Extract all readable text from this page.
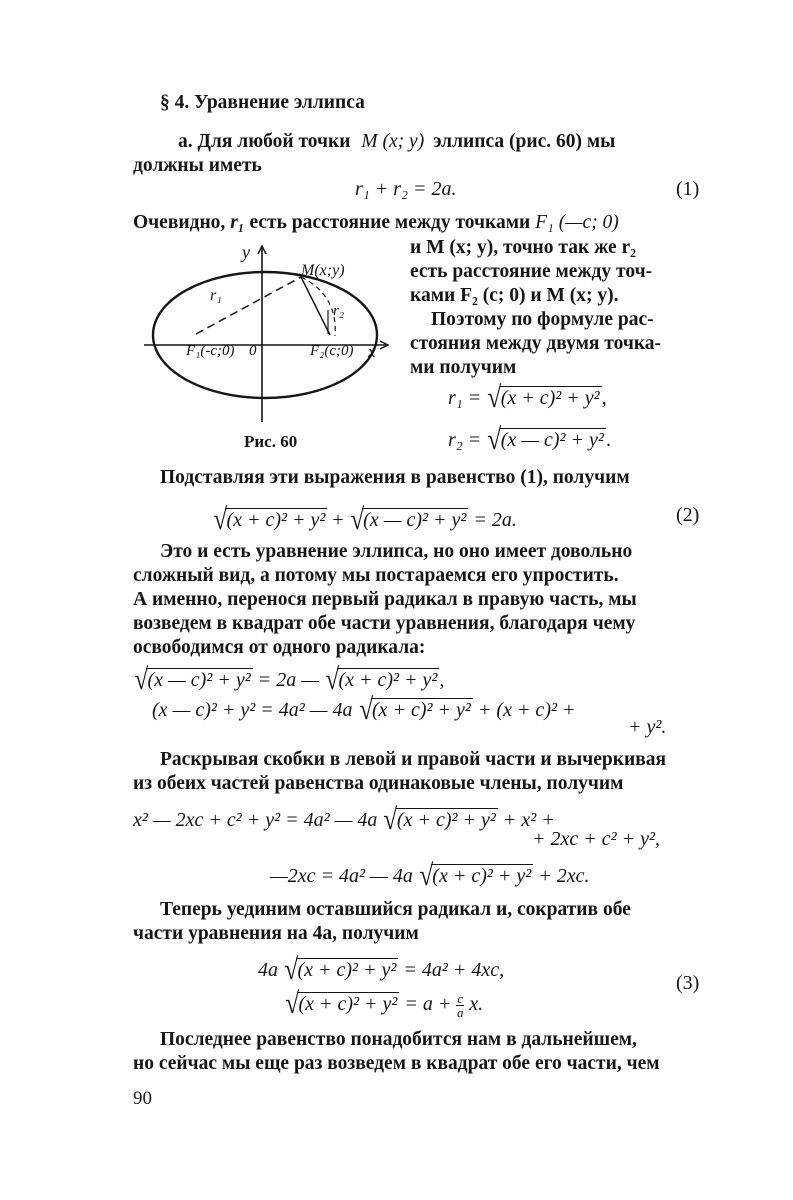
§ 4. Уравнение эллипса
а. Для любой точки M (x; y) эллипса (рис. 60) мы
должны иметь
r₁ + r₂ = 2a.	(1)
Очевидно, r₁ есть расстояние между точками F₁ (—c; 0)
и M (x; y), точно так же r₂
есть расстояние между точ-
ками F₂ (c; 0) и M (x; y).
Поэтому по формуле рас-
стояния между двумя точка-
ми получим
y
x
M(x;y)
r₁
r₂
F₁(-c;0) 0	F₂(c;0)
Рис. 60
r₁ = √(x + c)² + y² ,
r₂ = √(x — c)² + y² .
Подставляя эти выражения в равенство (1), получим
√(x + c)² + y² + √(x — c)² + y² = 2a.	(2)
Это и есть уравнение эллипса, но оно имеет довольно
сложный вид, а потому мы постараемся его упростить.
А именно, перенося первый радикал в правую часть, мы
возведем в квадрат обе части уравнения, благодаря чему
освободимся от одного радикала:
√(x — c)² + y² = 2a — √(x + c)² + y² ,
(x — c)² + y² = 4a² — 4a √(x + c)² + y² + (x + c)² +
+ y².
Раскрывая скобки в левой и правой части и вычеркивая
из обеих частей равенства одинаковые члены, получим
x² — 2xc + c² + y² = 4a² — 4a √(x + c)² + y² + x² +
+ 2xc + c² + y²,
—2xc = 4a² — 4a √(x + c)² + y² + 2xc.
Теперь уединим оставшийся радикал и, сократив обе
части уравнения на 4a, получим
4a √(x + c)² + y² = 4a² + 4xc,
$√(x + c)^2 + y^2 = a + \frac{c}{a} x$.
(3)
Последнее равенство понадобится нам в дальнейшем,
но сейчас мы еще раз возведем в квадрат обе его части, чем
90
